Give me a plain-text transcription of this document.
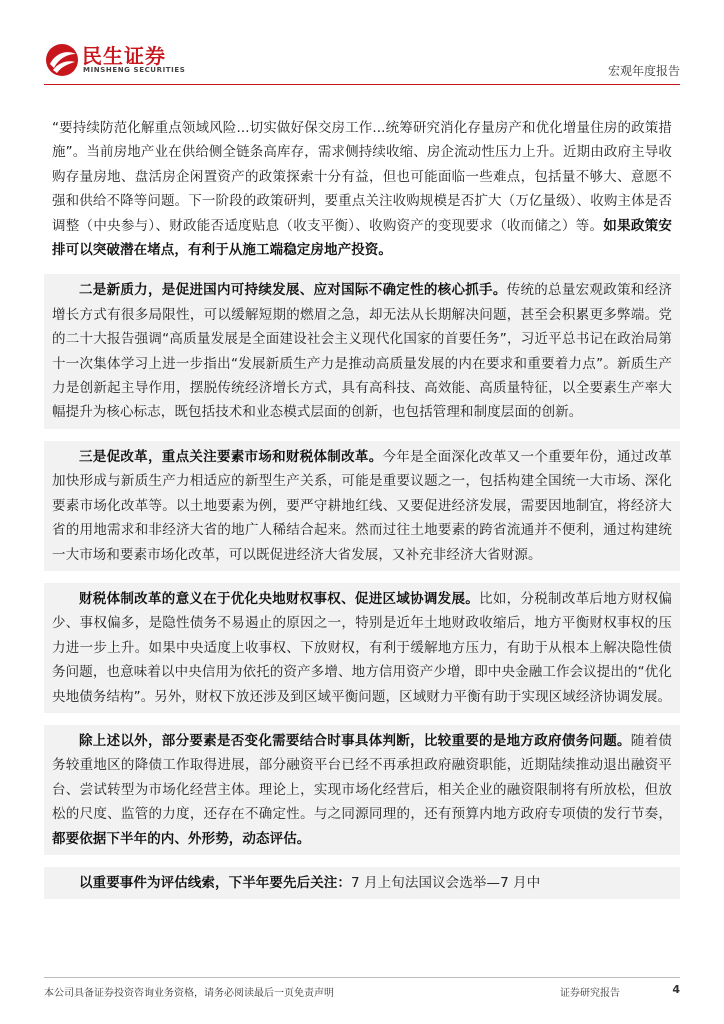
民生证券
MINSHENG SECURITIES	宏观年度报告

“要持续防范化解重点领域风险...切实做好保交房工作...统筹研究消化存量房产和优化增量住房的政策措施”。当前房地产业在供给侧全链条高库存，需求侧持续收缩、房企流动性压力上升。近期由政府主导收购存量房地、盘活房企闲置资产的政策探索十分有益，但也可能面临一些难点，包括量不够大、意愿不强和供给不降等问题。下一阶段的政策研判，要重点关注收购规模是否扩大（万亿量级）、收购主体是否调整（中央参与）、财政能否适度贴息（收支平衡）、收购资产的变现要求（收而储之）等。如果政策安排可以突破潜在堵点，有利于从施工端稳定房地产投资。

二是新质力，是促进国内可持续发展、应对国际不确定性的核心抓手。传统的总量宏观政策和经济增长方式有很多局限性，可以缓解短期的燃眉之急，却无法从长期解决问题，甚至会积累更多弊端。党的二十大报告强调“高质量发展是全面建设社会主义现代化国家的首要任务”，习近平总书记在政治局第十一次集体学习上进一步指出“发展新质生产力是推动高质量发展的内在要求和重要着力点”。新质生产力是创新起主导作用，摆脱传统经济增长方式，具有高科技、高效能、高质量特征，以全要素生产率大幅提升为核心标志，既包括技术和业态模式层面的创新，也包括管理和制度层面的创新。

三是促改革，重点关注要素市场和财税体制改革。今年是全面深化改革又一个重要年份，通过改革加快形成与新质生产力相适应的新型生产关系，可能是重要议题之一，包括构建全国统一大市场、深化要素市场化改革等。以土地要素为例，要严守耕地红线、又要促进经济发展，需要因地制宜，将经济大省的用地需求和非经济大省的地广人稀结合起来。然而过往土地要素的跨省流通并不便利，通过构建统一大市场和要素市场化改革，可以既促进经济大省发展，又补充非经济大省财源。

财税体制改革的意义在于优化央地财权事权、促进区域协调发展。比如，分税制改革后地方财权偏少、事权偏多，是隐性债务不易遏止的原因之一，特别是近年土地财政收缩后，地方平衡财权事权的压力进一步上升。如果中央适度上收事权、下放财权，有利于缓解地方压力，有助于从根本上解决隐性债务问题，也意味着以中央信用为依托的资产多增、地方信用资产少增，即中央金融工作会议提出的“优化央地债务结构”。另外，财权下放还涉及到区域平衡问题，区域财力平衡有助于实现区域经济协调发展。

除上述以外，部分要素是否变化需要结合时事具体判断，比较重要的是地方政府债务问题。随着债务较重地区的降债工作取得进展，部分融资平台已经不再承担政府融资职能，近期陆续推动退出融资平台、尝试转型为市场化经营主体。理论上，实现市场化经营后，相关企业的融资限制将有所放松，但放松的尺度、监管的力度，还存在不确定性。与之同源同理的，还有预算内地方政府专项债的发行节奏，都要依据下半年的内、外形势，动态评估。

以重要事件为评估线索，下半年要先后关注：7 月上旬法国议会选举—7 月中

本公司具备证券投资咨询业务资格，请务必阅读最后一页免责声明	证券研究报告	4
